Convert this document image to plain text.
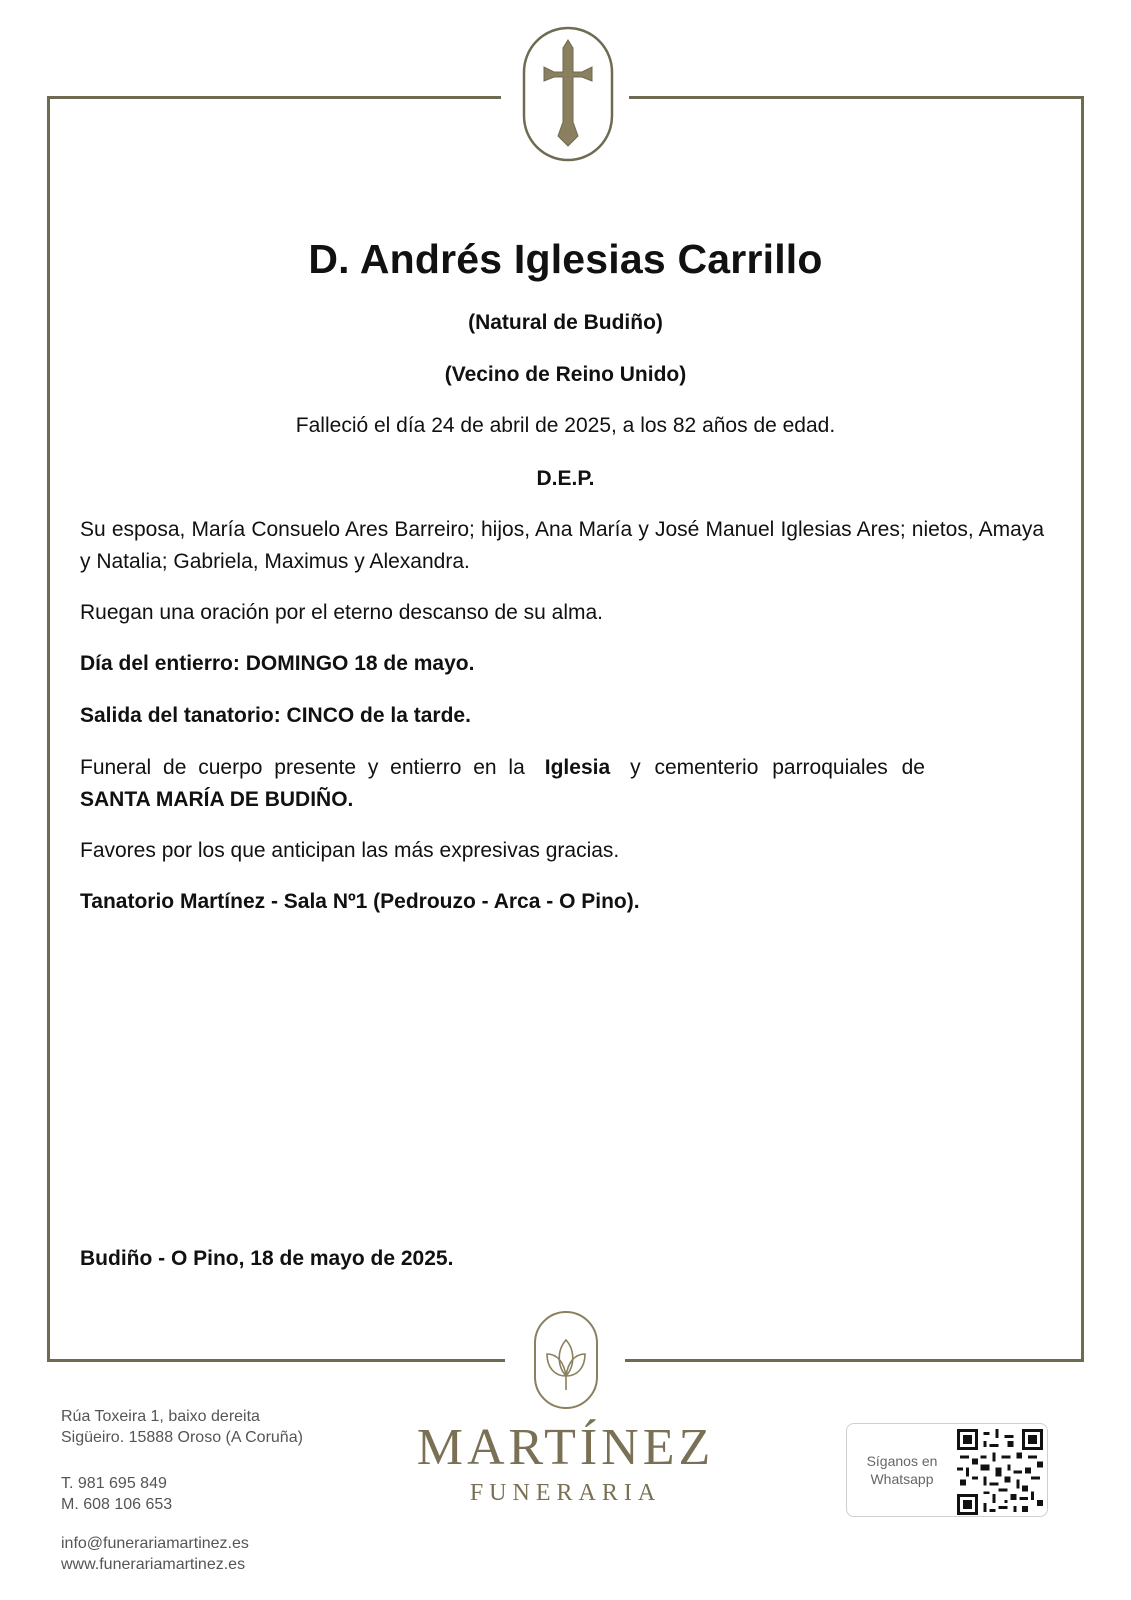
D. Andrés Iglesias Carrillo
(Natural de Budiño)
(Vecino de Reino Unido)
Falleció el día 24 de abril de 2025, a los 82 años de edad.
D.E.P.
Su esposa, María Consuelo Ares Barreiro; hijos, Ana María y José Manuel Iglesias Ares; nietos, Amaya y Natalia; Gabriela, Maximus y Alexandra.
Ruegan una oración por el eterno descanso de su alma.
Día del entierro: DOMINGO 18 de mayo.
Salida del tanatorio: CINCO de la tarde.
Funeral de cuerpo presente y entierro en la Iglesia y cementerio parroquiales de
SANTA MARÍA DE BUDIÑO.
Favores por los que anticipan las más expresivas gracias.
Tanatorio Martínez - Sala Nº1 (Pedrouzo - Arca - O Pino).
Budiño - O Pino, 18 de mayo de 2025.
MARTÍNEZ
FUNERARIA
Rúa Toxeira 1, baixo dereita
Sigüeiro. 15888 Oroso (A Coruña)
T. 981 695 849
M. 608 106 653
info@funerariamartinez.es
www.funerariamartinez.es
Síganos en
Whatsapp
